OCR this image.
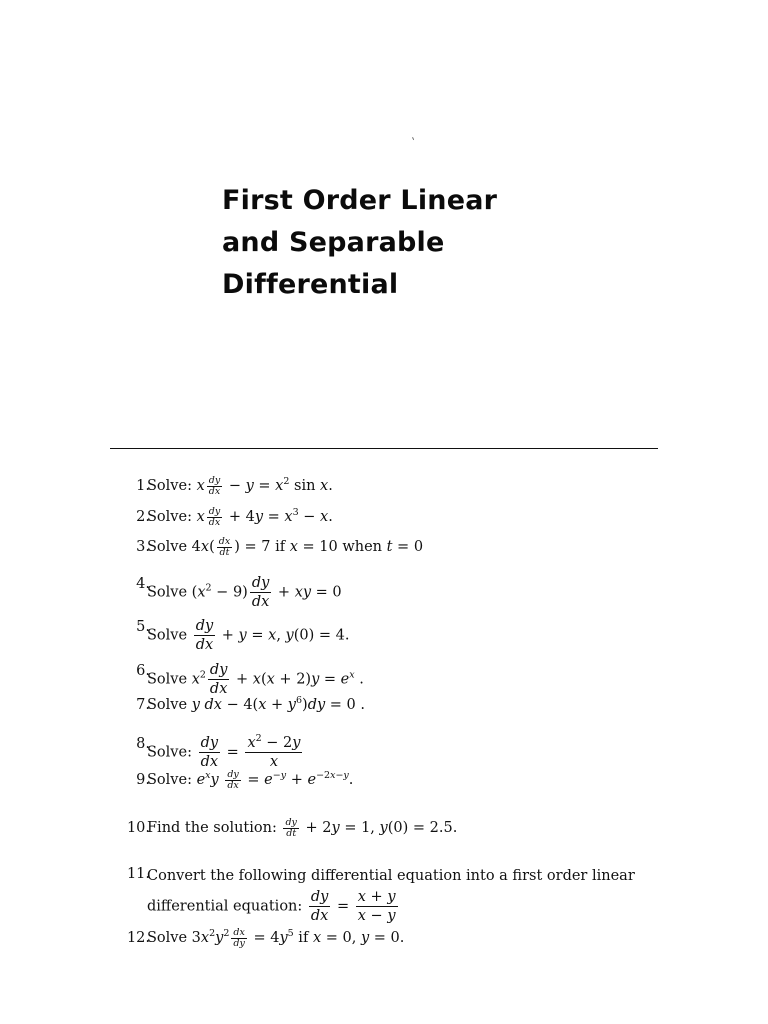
`
First Order Linear
and Separable
Differential
1.
Solve: x $\frac{dy}{dx} - y = x^2$ sin x.
2.
Solve: x $\frac{dy}{dx} + 4y = x^3 - x$.
3.
Solve $4x( \frac{dx}{dt}$ ) = 7 if x = 10 when t = 0
4.
Solve $(x^2 - 9) \frac{dy}{dx}$ + xy = 0
5.
Solve $\frac{dy}{dx} + y = x$, y(0) = 4.
6.
Solve $x^2 \frac{dy}{dx} + x(x + 2)y = e^x$ .
7.
Solve y dx − $4(x + y^6)dy = 0$ .
8.
Solve: $\frac{dy}{dx} = \frac{x^2 - 2y}{x}$
9.
Solve: $e^xy \frac{dy}{dx} = e^{-y} + e^{-2x-y}$.
10.
Find the solution: $\frac{dy}{dt} + 2y = 1$, y(0) = 2.5.
11.
Convert the following differential equation into a first order linear differential equation: $\frac{dy}{dx} = \frac{x + y}{x - y}$
12.
Solve $3x^2y^2 \frac{dx}{dy} = 4y^5$ if x = 0, y = 0.
